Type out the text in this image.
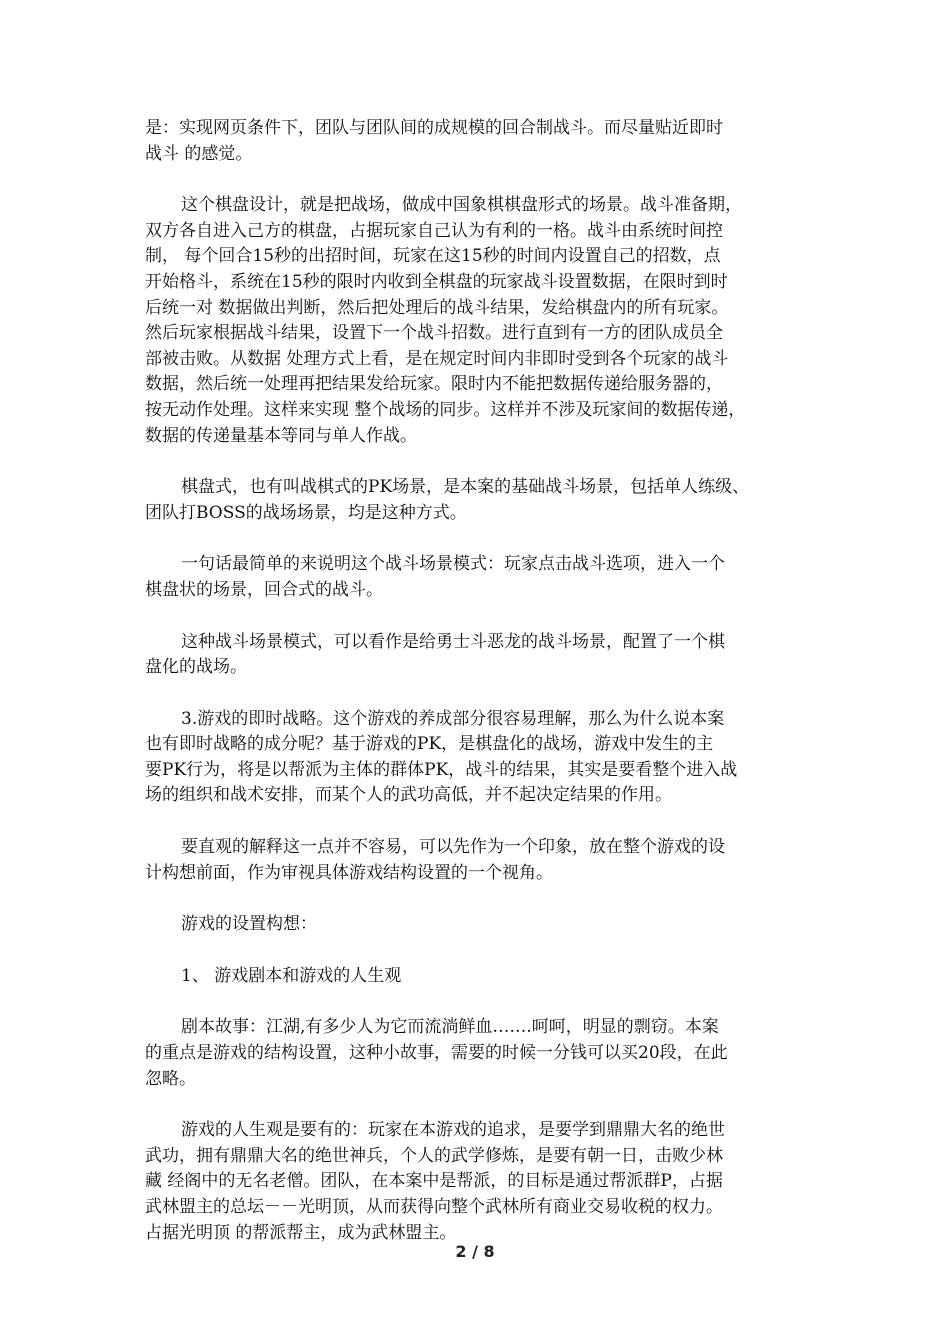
是：实现网页条件下，团队与团队间的成规模的回合制战斗。而尽量贴近即时
战斗 的感觉。

这个棋盘设计，就是把战场，做成中国象棋棋盘形式的场景。战斗准备期，
双方各自进入己方的棋盘，占据玩家自己认为有利的一格。战斗由系统时间控
制， 每个回合15秒的出招时间，玩家在这15秒的时间内设置自己的招数，点
开始格斗，系统在15秒的限时内收到全棋盘的玩家战斗设置数据，在限时到时
后统一对 数据做出判断，然后把处理后的战斗结果，发给棋盘内的所有玩家。
然后玩家根据战斗结果，设置下一个战斗招数。进行直到有一方的团队成员全
部被击败。从数据 处理方式上看，是在规定时间内非即时受到各个玩家的战斗
数据，然后统一处理再把结果发给玩家。限时内不能把数据传递给服务器的，
按无动作处理。这样来实现 整个战场的同步。这样并不涉及玩家间的数据传递，
数据的传递量基本等同与单人作战。

棋盘式，也有叫战棋式的PK场景，是本案的基础战斗场景，包括单人练级、
团队打BOSS的战场场景，均是这种方式。

一句话最简单的来说明这个战斗场景模式：玩家点击战斗选项，进入一个
棋盘状的场景，回合式的战斗。

这种战斗场景模式，可以看作是给勇士斗恶龙的战斗场景，配置了一个棋
盘化的战场。

3.游戏的即时战略。这个游戏的养成部分很容易理解，那么为什么说本案
也有即时战略的成分呢？基于游戏的PK，是棋盘化的战场，游戏中发生的主
要PK行为，将是以帮派为主体的群体PK，战斗的结果，其实是要看整个进入战
场的组织和战术安排，而某个人的武功高低，并不起决定结果的作用。

要直观的解释这一点并不容易，可以先作为一个印象，放在整个游戏的设
计构想前面，作为审视具体游戏结构设置的一个视角。

游戏的设置构想：

1、 游戏剧本和游戏的人生观

剧本故事：江湖,有多少人为它而流淌鲜血…….呵呵，明显的剽窃。本案
的重点是游戏的结构设置，这种小故事，需要的时候一分钱可以买20段，在此
忽略。

游戏的人生观是要有的：玩家在本游戏的追求，是要学到鼎鼎大名的绝世
武功，拥有鼎鼎大名的绝世神兵，个人的武学修炼，是要有朝一日，击败少林
藏 经阁中的无名老僧。团队，在本案中是帮派，的目标是通过帮派群P，占据
武林盟主的总坛－－光明顶，从而获得向整个武林所有商业交易收税的权力。
占据光明顶 的帮派帮主，成为武林盟主。

2 / 8
